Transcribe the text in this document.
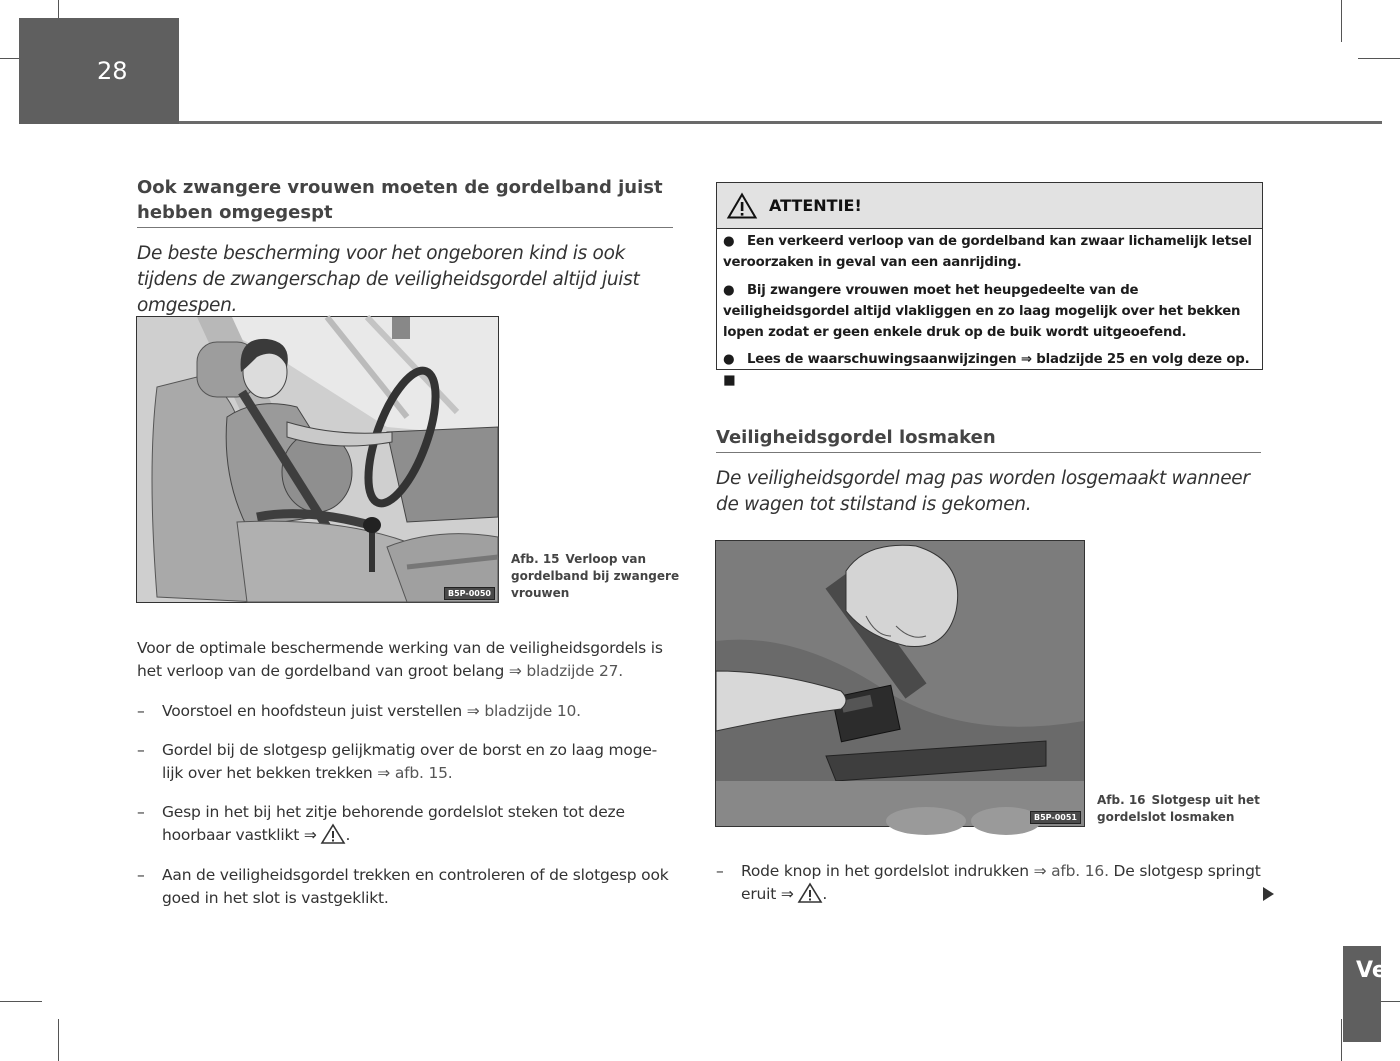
28
Ook zwangere vrouwen moeten de gordelband juist hebben omgegespt
De beste bescherming voor het ongeboren kind is ook tijdens de zwangerschap de veiligheidsgordel altijd juist omgespen.
B5P-0050
Afb. 15 Verloop van gordelband bij zwangere vrouwen
Voor de optimale beschermende werking van de veiligheidsgordels is het verloop van de gordelband van groot belang ⇒ bladzijde 27.
– Voorstoel en hoofdsteun juist verstellen ⇒ bladzijde 10.
– Gordel bij de slotgesp gelijkmatig over de borst en zo laag moge-lijk over het bekken trekken ⇒ afb. 15.
– Gesp in het bij het zitje behorende gordelslot steken tot deze hoorbaar vastklikt ⇒ .
– Aan de veiligheidsgordel trekken en controleren of de slotgesp ook goed in het slot is vastgeklikt.
ATTENTIE!
● Een verkeerd verloop van de gordelband kan zwaar lichamelijk letsel veroorzaken in geval van een aanrijding.
● Bij zwangere vrouwen moet het heupgedeelte van de veiligheidsgordel altijd vlakliggen en zo laag mogelijk over het bekken lopen zodat er geen enkele druk op de buik wordt uitgeoefend.
● Lees de waarschuwingsaanwijzingen ⇒ bladzijde 25 en volg deze op. ■
Veiligheidsgordel losmaken
De veiligheidsgordel mag pas worden losgemaakt wanneer de wagen tot stilstand is gekomen.
B5P-0051
Afb. 16 Slotgesp uit het gordelslot losmaken
– Rode knop in het gordelslot indrukken ⇒ afb. 16. De slotgesp springt eruit ⇒ .
Ve
